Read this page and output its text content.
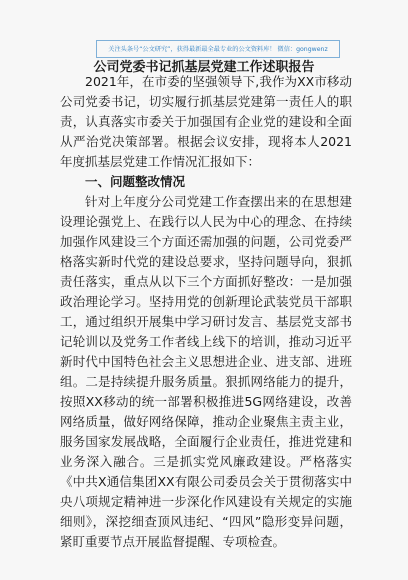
关注头条号“公文研究”，获得最新最全最专业的公文资料库！ 微信：gongwenz
公司党委书记抓基层党建工作述职报告

2021年，在市委的坚强领导下,我作为XX市移动公司党委书记，切实履行抓基层党建第一责任人的职责，认真落实市委关于加强国有企业党的建设和全面从严治党决策部署。根据会议安排，现将本人2021年度抓基层党建工作情况汇报如下：

一、问题整改情况

针对上年度分公司党建工作查摆出来的在思想建设理论强党上、在践行以人民为中心的理念、在持续加强作风建设三个方面还需加强的问题，公司党委严格落实新时代党的建设总要求，坚持问题导向，狠抓责任落实，重点从以下三个方面抓好整改：一是加强政治理论学习。坚持用党的创新理论武装党员干部职工，通过组织开展集中学习研讨发言、基层党支部书记轮训以及党务工作者线上线下的培训，推动习近平新时代中国特色社会主义思想进企业、进支部、进班组。二是持续提升服务质量。狠抓网络能力的提升，按照XX移动的统一部署积极推进5G网络建设，改善网络质量，做好网络保障，推动企业聚焦主责主业，服务国家发展战略，全面履行企业责任，推进党建和业务深入融合。三是抓实党风廉政建设。严格落实《中共X通信集团XX有限公司委员会关于贯彻落实中央八项规定精神进一步深化作风建设有关规定的实施细则》，深挖细查顶风违纪、“四风”隐形变异问题，紧盯重要节点开展监督提醒、专项检查。
